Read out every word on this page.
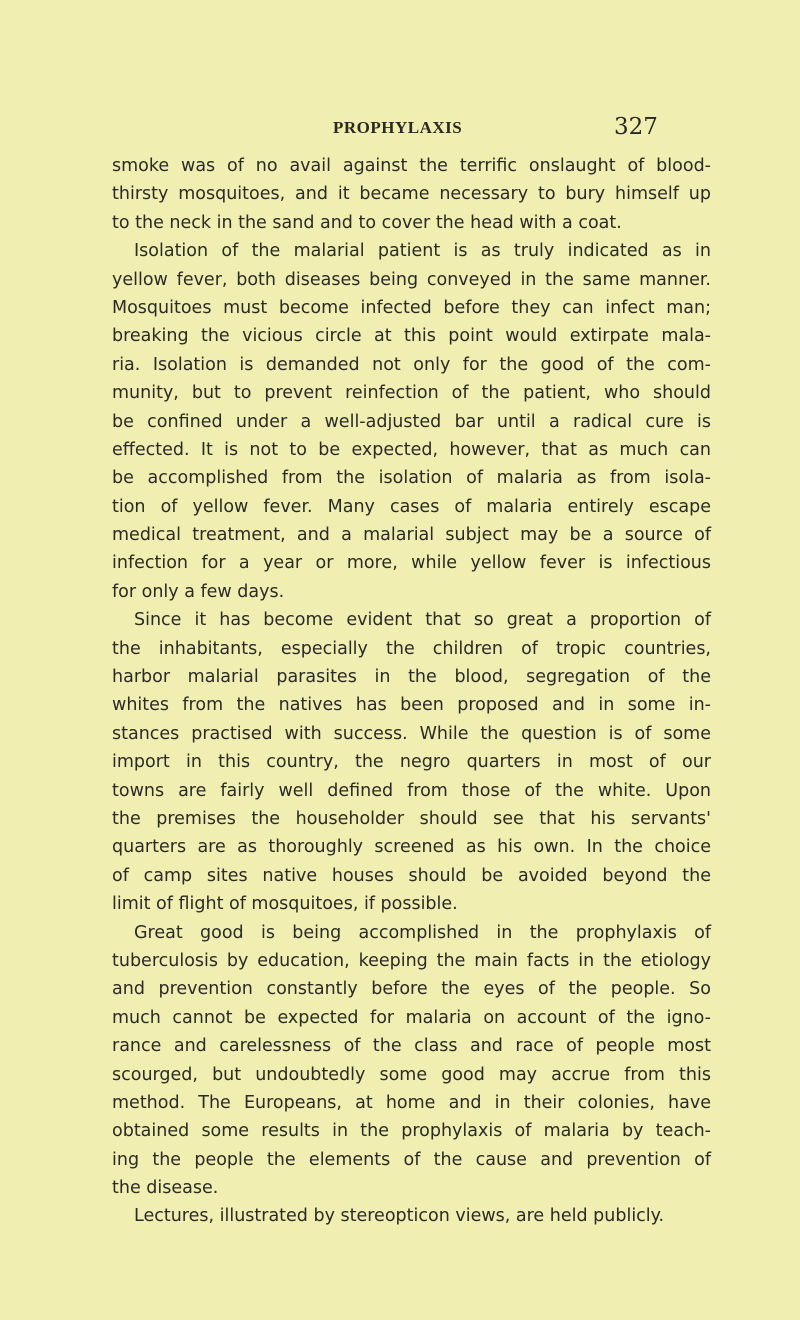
PROPHYLAXIS	327
smoke was of no avail against the terrific onslaught of blood-
thirsty mosquitoes, and it became necessary to bury himself up
to the neck in the sand and to cover the head with a coat.
Isolation of the malarial patient is as truly indicated as in
yellow fever, both diseases being conveyed in the same manner.
Mosquitoes must become infected before they can infect man;
breaking the vicious circle at this point would extirpate mala-
ria. Isolation is demanded not only for the good of the com-
munity, but to prevent reinfection of the patient, who should
be confined under a well-adjusted bar until a radical cure is
effected. It is not to be expected, however, that as much can
be accomplished from the isolation of malaria as from isola-
tion of yellow fever. Many cases of malaria entirely escape
medical treatment, and a malarial subject may be a source of
infection for a year or more, while yellow fever is infectious
for only a few days.
Since it has become evident that so great a proportion of
the inhabitants, especially the children of tropic countries,
harbor malarial parasites in the blood, segregation of the
whites from the natives has been proposed and in some in-
stances practised with success. While the question is of some
import in this country, the negro quarters in most of our
towns are fairly well defined from those of the white. Upon
the premises the householder should see that his servants'
quarters are as thoroughly screened as his own. In the choice
of camp sites native houses should be avoided beyond the
limit of flight of mosquitoes, if possible.
Great good is being accomplished in the prophylaxis of
tuberculosis by education, keeping the main facts in the etiology
and prevention constantly before the eyes of the people. So
much cannot be expected for malaria on account of the igno-
rance and carelessness of the class and race of people most
scourged, but undoubtedly some good may accrue from this
method. The Europeans, at home and in their colonies, have
obtained some results in the prophylaxis of malaria by teach-
ing the people the elements of the cause and prevention of
the disease.
Lectures, illustrated by stereopticon views, are held publicly.
